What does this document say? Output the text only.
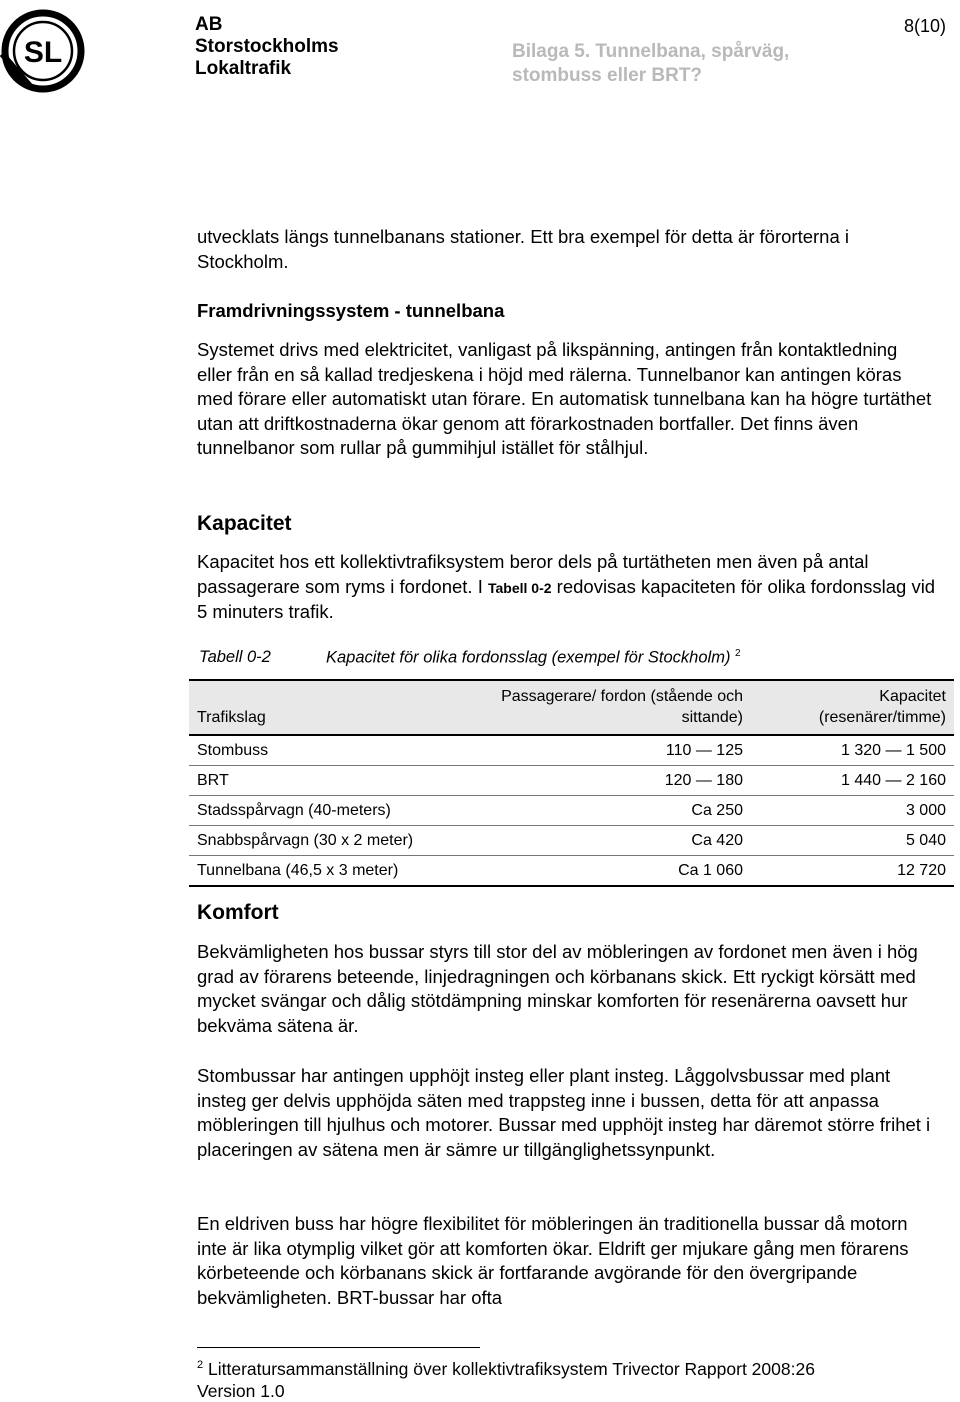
SL
AB
Storstockholms
Lokaltrafik
Bilaga 5. Tunnelbana, spårväg,
stombuss eller BRT?
8(10)

utvecklats längs tunnelbanans stationer. Ett bra exempel för detta är förorterna i Stockholm.

Framdrivningssystem - tunnelbana

Systemet drivs med elektricitet, vanligast på likspänning, antingen från kontaktledning eller från en så kallad tredjeskena i höjd med rälerna. Tunnelbanor kan antingen köras med förare eller automatiskt utan förare. En automatisk tunnelbana kan ha högre turtäthet utan att driftkostnaderna ökar genom att förarkostnaden bortfaller. Det finns även tunnelbanor som rullar på gummihjul istället för stålhjul.

Kapacitet

Kapacitet hos ett kollektivtrafiksystem beror dels på turtätheten men även på antal passagerare som ryms i fordonet. I Tabell 0-2 redovisas kapaciteten för olika fordonsslag vid 5 minuters trafik.

Tabell 0-2	Kapacitet för olika fordonsslag (exempel för Stockholm) $^2$
Trafikslag	Passagerare/ fordon (stående och sittande)	Kapacitet (resenärer/timme)
Stombuss	110 — 125	1 320 — 1 500
BRT	120 — 180	1 440 — 2 160
Stadsspårvagn (40-meters)	Ca 250	3 000
Snabbspårvagn (30 x 2 meter)	Ca 420	5 040
Tunnelbana (46,5 x 3 meter)	Ca 1 060	12 720
Komfort

Bekvämligheten hos bussar styrs till stor del av möbleringen av fordonet men även i hög grad av förarens beteende, linjedragningen och körbanans skick. Ett ryckigt körsätt med mycket svängar och dålig stötdämpning minskar komforten för resenärerna oavsett hur bekväma sätena är.

Stombussar har antingen upphöjt insteg eller plant insteg. Låggolvsbussar med plant insteg ger delvis upphöjda säten med trappsteg inne i bussen, detta för att anpassa möbleringen till hjulhus och motorer. Bussar med upphöjt insteg har däremot större frihet i placeringen av sätena men är sämre ur tillgänglighetssynpunkt.

En eldriven buss har högre flexibilitet för möbleringen än traditionella bussar då motorn inte är lika otymplig vilket gör att komforten ökar. Eldrift ger mjukare gång men förarens körbeteende och körbanans skick är fortfarande avgörande för den övergripande bekvämligheten. BRT-bussar har ofta

$^2$ Litteratursammanställning över kollektivtrafiksystem Trivector Rapport 2008:26
Version 1.0
